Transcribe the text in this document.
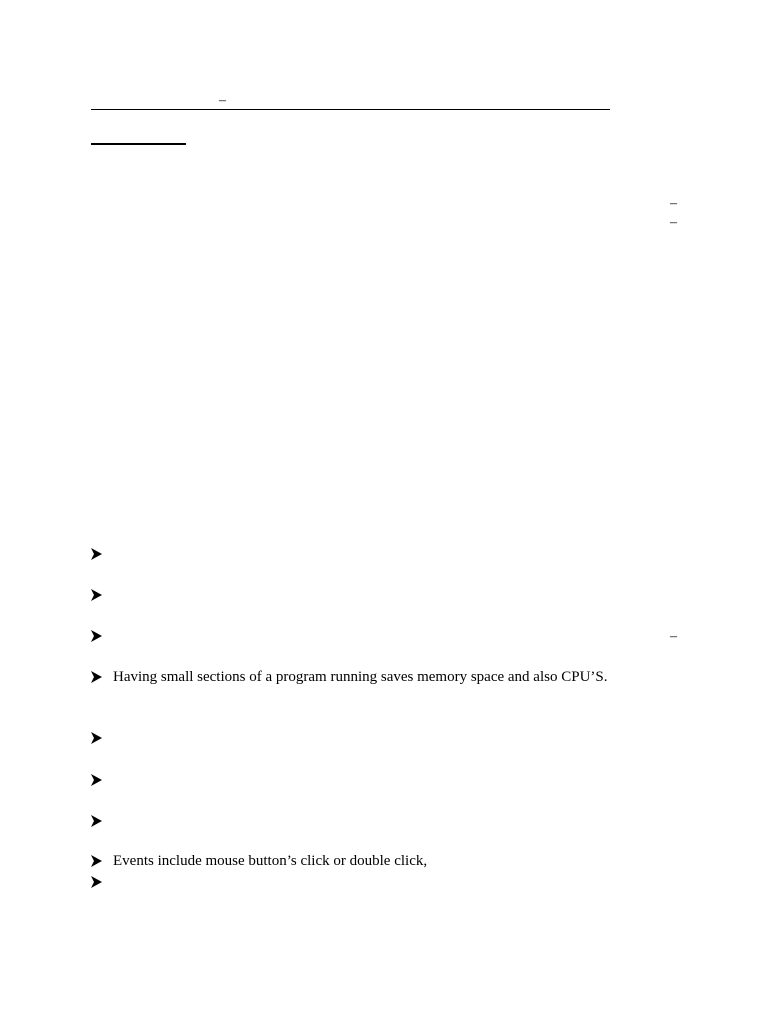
–
–
–
–
Having small sections of a program running saves memory space and also CPU’S.
Events include mouse button’s click or double click,
